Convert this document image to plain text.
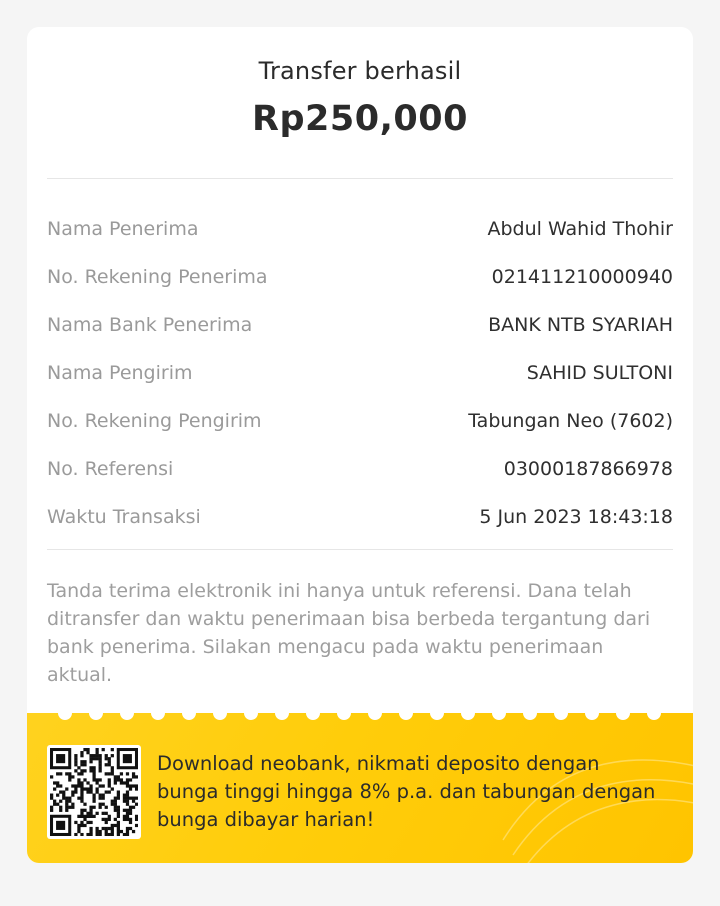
Transfer berhasil
Rp250,000
Nama Penerima	Abdul Wahid Thohir
No. Rekening Penerima	021411210000940
Nama Bank Penerima	BANK NTB SYARIAH
Nama Pengirim	SAHID SULTONI
No. Rekening Pengirim	Tabungan Neo (7602)
No. Referensi	03000187866978
Waktu Transaksi	5 Jun 2023 18:43:18
Tanda terima elektronik ini hanya untuk referensi. Dana telah ditransfer dan waktu penerimaan bisa berbeda tergantung dari bank penerima. Silakan mengacu pada waktu penerimaan aktual.
Download neobank, nikmati deposito dengan bunga tinggi hingga 8% p.a. dan tabungan dengan bunga dibayar harian!
